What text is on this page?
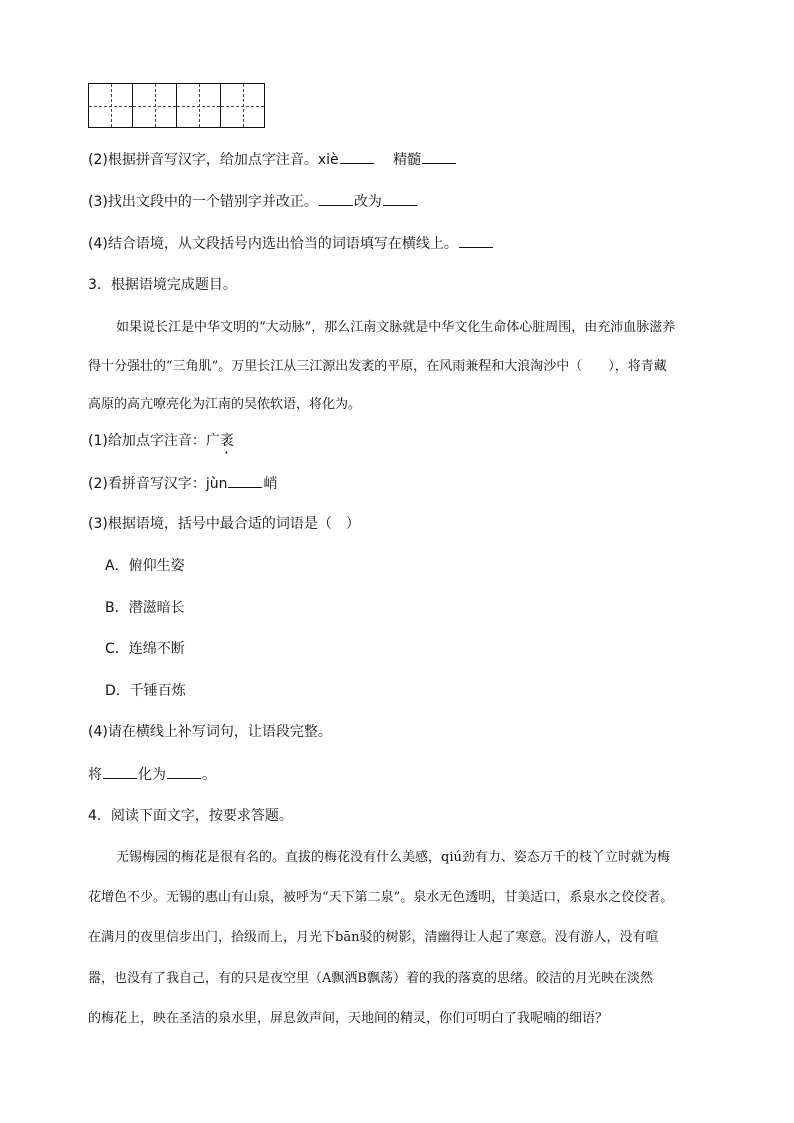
(2)根据拼音写汉字，给加点字注音。xiè	精髓
(3)找出文段中的一个错别字并改正。	改为
(4)结合语境，从文段括号内选出恰当的词语填写在横线上。
3．根据语境完成题目。
如果说长江是中华文明的“大动脉”，那么江南文脉就是中华文化生命体心脏周围，由充沛血脉滋养
得十分强壮的“三角肌”。万里长江从三江源出发袤的平原，在风雨兼程和大浪淘沙中（　　），将青藏
高原的高亢嘹亮化为江南的吴侬软语，将化为。
(1)给加点字注音：广袤
(2)看拼音写汉字：jùn	峭
(3)根据语境，括号中最合适的词语是（　）
A．俯仰生姿
B．潜滋暗长
C．连绵不断
D．千锤百炼
(4)请在横线上补写词句，让语段完整。
将	化为	。
4．阅读下面文字，按要求答题。
无锡梅园的梅花是很有名的。直拔的梅花没有什么美感，qiú劲有力、姿态万千的枝丫立时就为梅
花增色不少。无锡的惠山有山泉，被呼为“天下第二泉”。泉水无色透明，甘美适口，系泉水之佼佼者。
在满月的夜里信步出门，拾级而上，月光下bān驳的树影，清幽得让人起了寒意。没有游人，没有喧
嚣，也没有了我自己，有的只是夜空里（A飘洒B飘荡）着的我的落寞的思绪。皎洁的月光映在淡然
的梅花上，映在圣洁的泉水里，屏息敛声间，天地间的精灵，你们可明白了我呢喃的细语？
